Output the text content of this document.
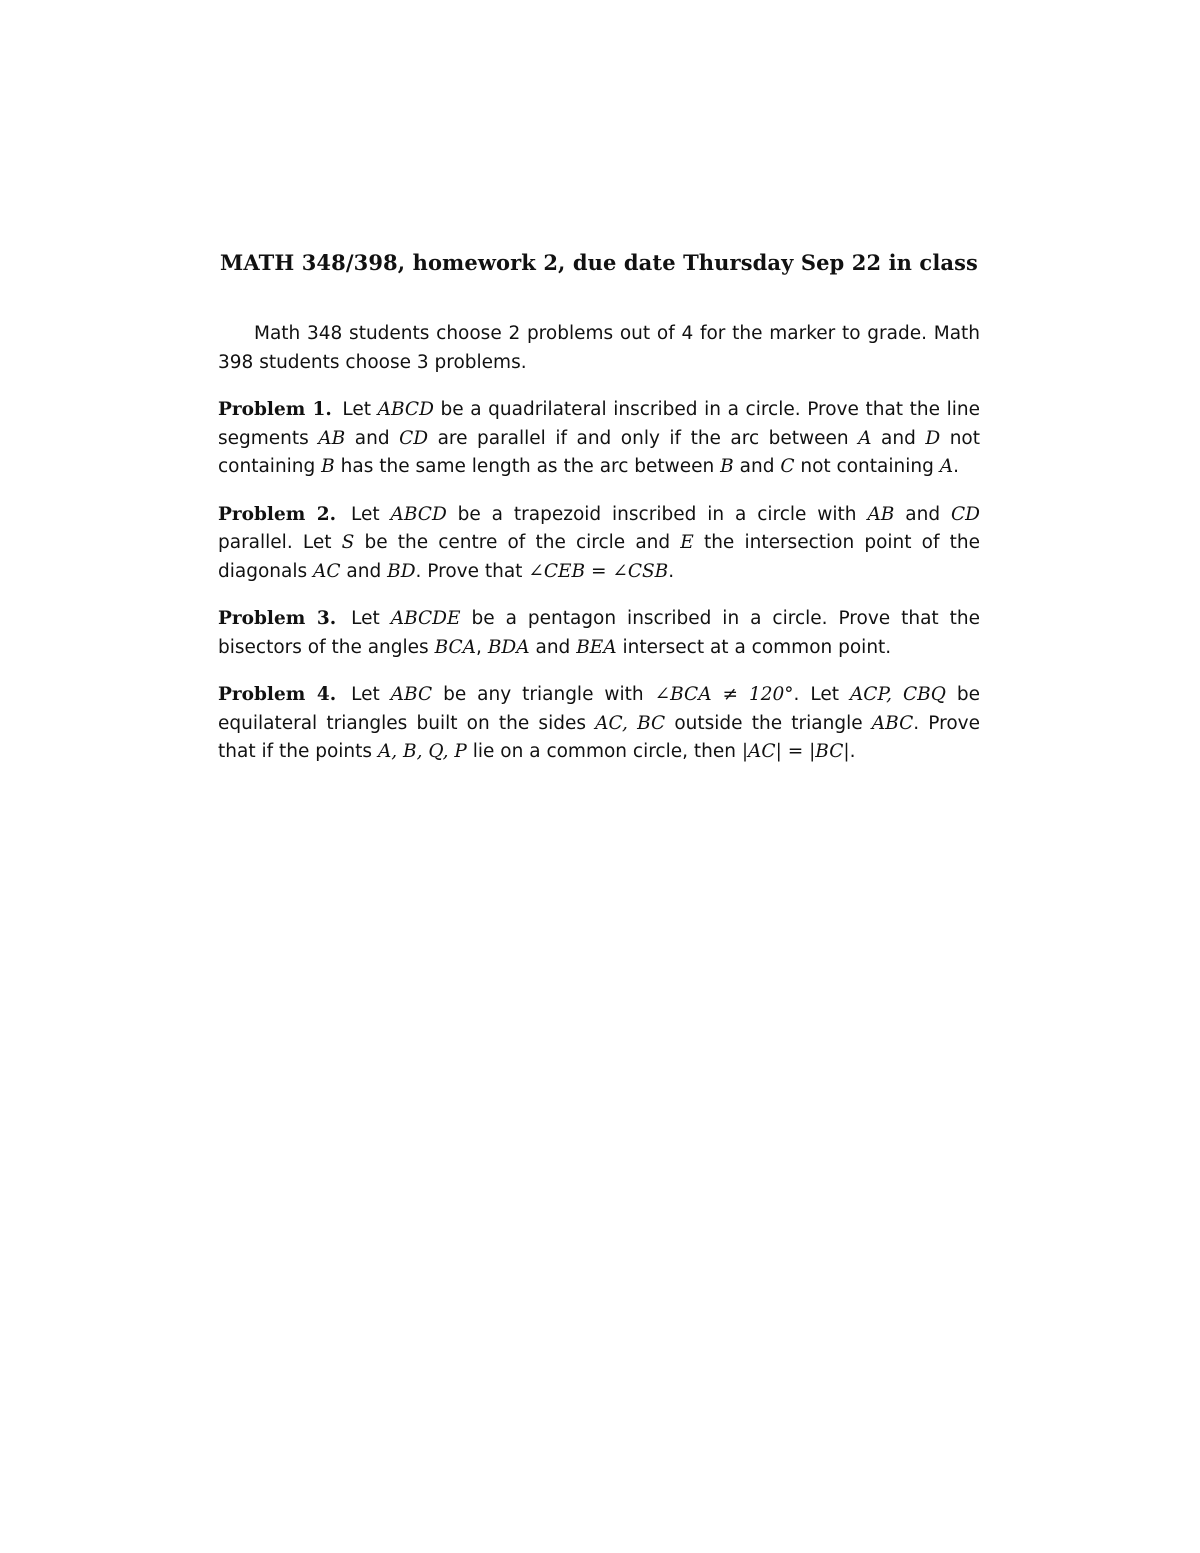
MATH 348/398, homework 2, due date Thursday Sep 22 in class

Math 348 students choose 2 problems out of 4 for the marker to grade. Math 398 students choose 3 problems.

Problem 1. Let ABCD be a quadrilateral inscribed in a circle. Prove that the line segments AB and CD are parallel if and only if the arc between A and D not containing B has the same length as the arc between B and C not containing A.

Problem 2. Let ABCD be a trapezoid inscribed in a circle with AB and CD parallel. Let S be the centre of the circle and E the intersection point of the diagonals AC and BD. Prove that ∠CEB = ∠CSB.

Problem 3. Let ABCDE be a pentagon inscribed in a circle. Prove that the bisectors of the angles BCA, BDA and BEA intersect at a common point.

Problem 4. Let ABC be any triangle with ∠BCA ≠ 120°. Let ACP, CBQ be equilateral triangles built on the sides AC, BC outside the triangle ABC. Prove that if the points A, B, Q, P lie on a common circle, then |AC| = |BC|.
